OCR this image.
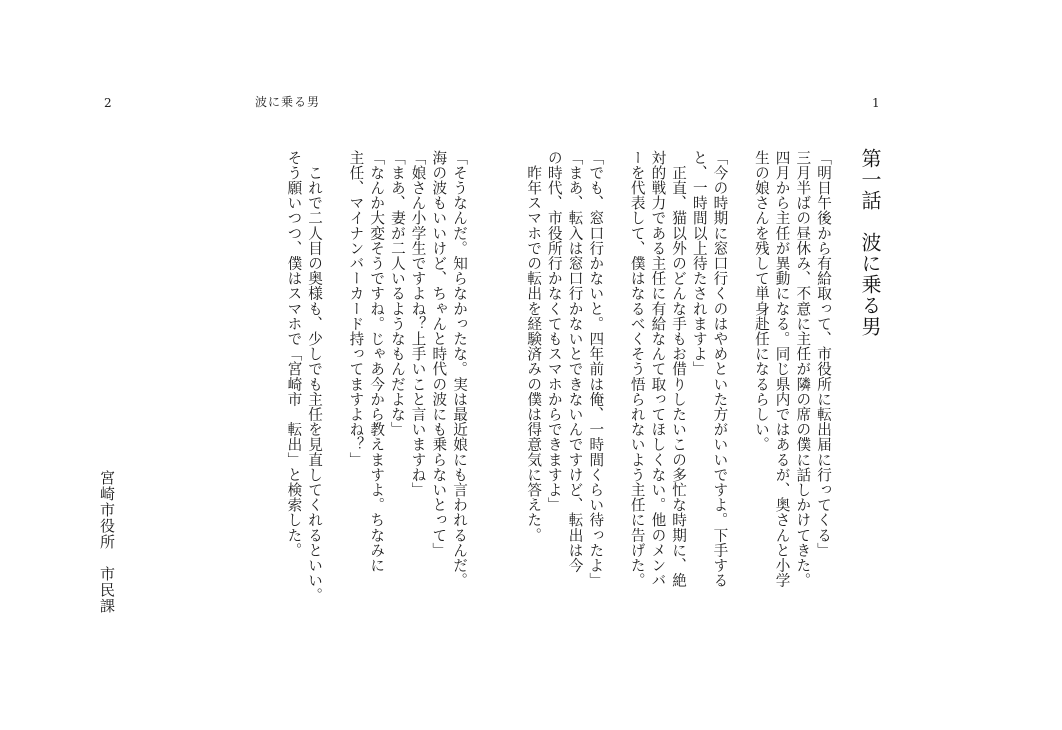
2	波に乗る男	1
第一話　波に乗る男

「明日午後から有給取って、市役所に転出届に行ってくる」

三月半ばの昼休み、不意に主任が隣の席の僕に話しかけてきた。

四月から主任が異動になる。同じ県内ではあるが、奥さんと小学

生の娘さんを残して単身赴任になるらしい。

「今の時期に窓口行くのはやめといた方がいいですよ。下手する

と、一時間以上待たされますよ」

　正直、猫以外のどんな手もお借りしたいこの多忙な時期に、絶

対的戦力である主任に有給なんて取ってほしくない。他のメンバ

ーを代表して、僕はなるべくそう悟られないよう主任に告げた。

「でも、窓口行かないと。四年前は俺、一時間くらい待ったよ」

「まあ、転入は窓口行かないとできないんですけど、転出は今

の時代、市役所行かなくてもスマホからできますよ」

　昨年スマホでの転出を経験済みの僕は得意気に答えた。

「そうなんだ。知らなかったな。実は最近娘にも言われるんだ。

海の波もいいけど、ちゃんと時代の波にも乗らないとって」

「娘さん小学生ですよね？上手いこと言いますね」

「まあ、妻が二人いるようなもんだよな」

「なんか大変そうですね。じゃあ今から教えますよ。ちなみに

主任、マイナンバーカード持ってますよね？」

　これで二人目の奥様も、少しでも主任を見直してくれるといい。

そう願いつつ、僕はスマホで「宮崎市　転出」と検索した。

宮崎市役所　市民課
